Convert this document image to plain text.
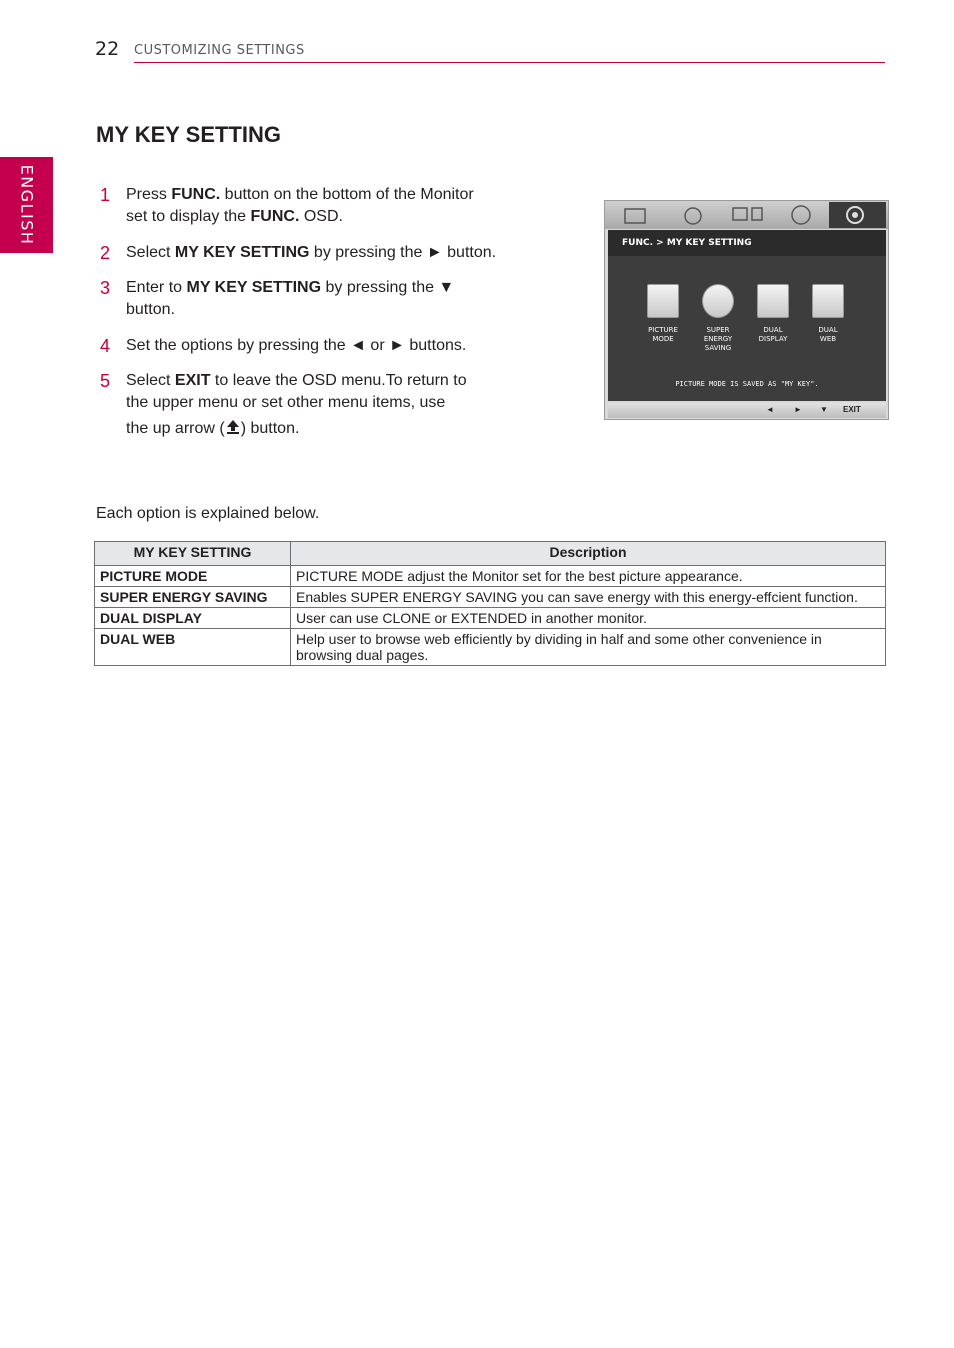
22 CUSTOMIZING SETTINGS
ENGLISH
MY KEY SETTING
1 Press FUNC. button on the bottom of the Monitor
set to display the FUNC. OSD.
2 Select MY KEY SETTING by pressing the ► button.
3 Enter to MY KEY SETTING by pressing the ▼
button.
4 Set the options by pressing the ◄ or ► buttons.
5 Select EXIT to leave the OSD menu.To return to
the upper menu or set other menu items, use
the up arrow ( ) button.
FUNC. > MY KEY SETTING
PICTURE
MODE
SUPER
ENERGY
SAVING
DUAL
DISPLAY
DUAL
WEB
PICTURE MODE IS SAVED AS "MY KEY".
◄	► ▼ EXIT
Each option is explained below.
MY KEY SETTING	Description
PICTURE MODE	PICTURE MODE adjust the Monitor set for the best picture appearance.
SUPER ENERGY SAVING	Enables SUPER ENERGY SAVING you can save energy with this energy-effcient function.
DUAL DISPLAY	User can use CLONE or EXTENDED in another monitor.
DUAL WEB	Help user to browse web efficiently by dividing in half and some other convenience in browsing dual pages.
